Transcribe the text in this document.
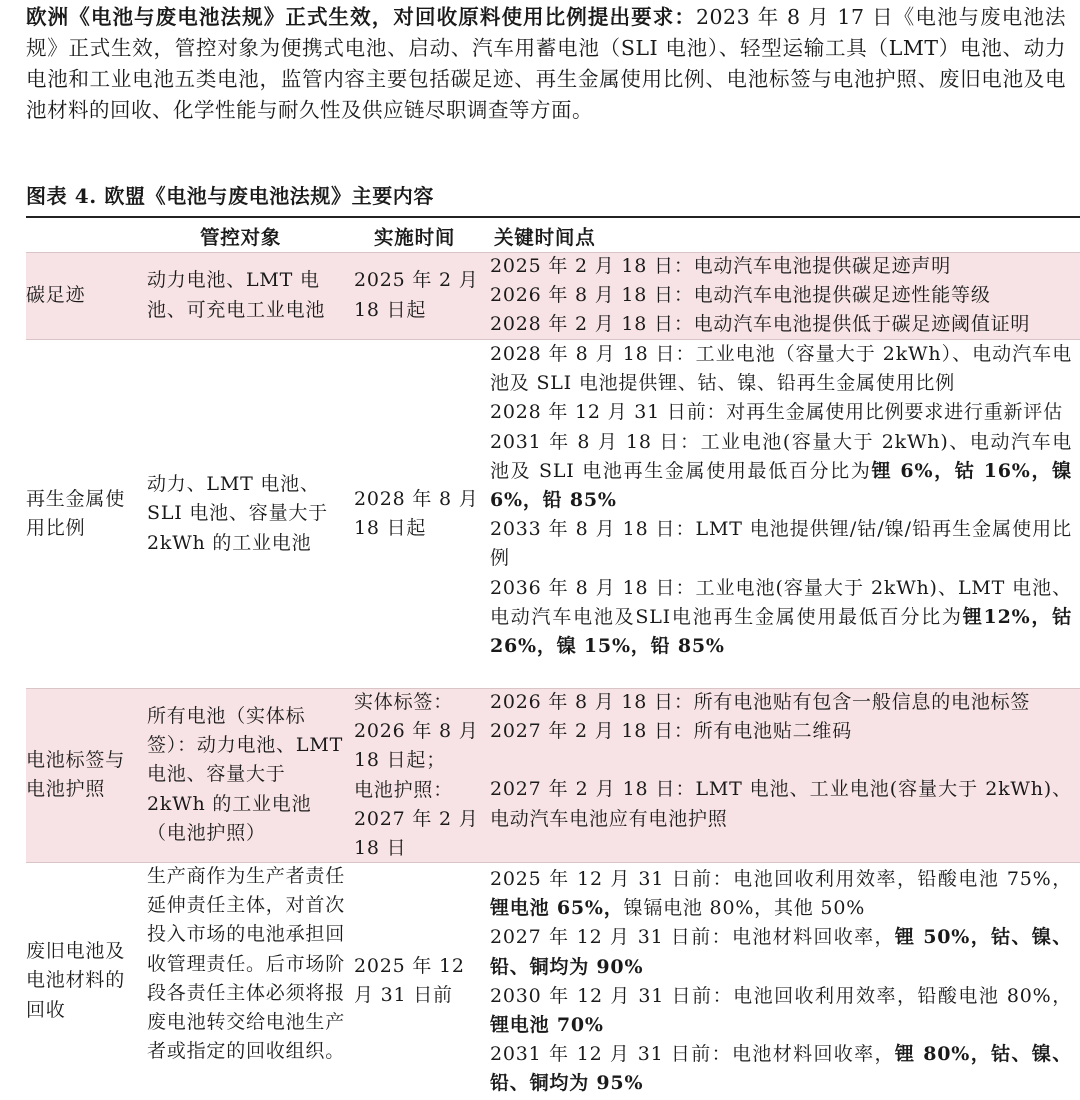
欧洲《电池与废电池法规》正式生效，对回收原料使用比例提出要求：2023 年 8 月 17 日《电池与废电池法规》正式生效，管控对象为便携式电池、启动、汽车用蓄电池（SLI 电池）、轻型运输工具（LMT）电池、动力电池和工业电池五类电池，监管内容主要包括碳足迹、再生金属使用比例、电池标签与电池护照、废旧电池及电池材料的回收、化学性能与耐久性及供应链尽职调查等方面。
图表 4. 欧盟《电池与废电池法规》主要内容
管控对象	实施时间 关键时间点
碳足迹
动力电池、LMT 电池、可充电工业电池
2025 年 2 月 18 日起
2025 年 2 月 18 日：电动汽车电池提供碳足迹声明
2026 年 8 月 18 日：电动汽车电池提供碳足迹性能等级
2028 年 2 月 18 日：电动汽车电池提供低于碳足迹阈值证明
再生金属使用比例
动力、LMT 电池、SLI 电池、容量大于 2kWh 的工业电池
2028 年 8 月 18 日起
2028 年 8 月 18 日：工业电池（容量大于 2kWh）、电动汽车电池及 SLI 电池提供锂、钴、镍、铅再生金属使用比例
2028 年 12 月 31 日前：对再生金属使用比例要求进行重新评估
2031 年 8 月 18 日：工业电池(容量大于 2kWh)、电动汽车电池及 SLI 电池再生金属使用最低百分比为锂 6%，钴 16%，镍 6%，铅 85%
2033 年 8 月 18 日：LMT 电池提供锂/钴/镍/铅再生金属使用比例
2036 年 8 月 18 日：工业电池(容量大于 2kWh)、LMT 电池、电动汽车电池及SLI电池再生金属使用最低百分比为锂12%，钴 26%，镍 15%，铅 85%
电池标签与电池护照
所有电池（实体标签）：动力电池、LMT 电池、容量大于 2kWh 的工业电池（电池护照）
实体标签：2026 年 8 月 18 日起；
电池护照：2027 年 2 月 18 日
2026 年 8 月 18 日：所有电池贴有包含一般信息的电池标签
2027 年 2 月 18 日：所有电池贴二维码
2027 年 2 月 18 日：LMT 电池、工业电池(容量大于 2kWh)、电动汽车电池应有电池护照
废旧电池及电池材料的回收
生产商作为生产者责任延伸责任主体，对首次投入市场的电池承担回收管理责任。后市场阶段各责任主体必须将报废电池转交给电池生产者或指定的回收组织。
2025 年 12 月 31 日前
2025 年 12 月 31 日前：电池回收利用效率，铅酸电池 75%，锂电池 65%，镍镉电池 80%，其他 50%
2027 年 12 月 31 日前：电池材料回收率，锂 50%，钴、镍、铅、铜均为 90%
2030 年 12 月 31 日前：电池回收利用效率，铅酸电池 80%，锂电池 70%
2031 年 12 月 31 日前：电池材料回收率，锂 80%，钴、镍、铅、铜均为 95%
